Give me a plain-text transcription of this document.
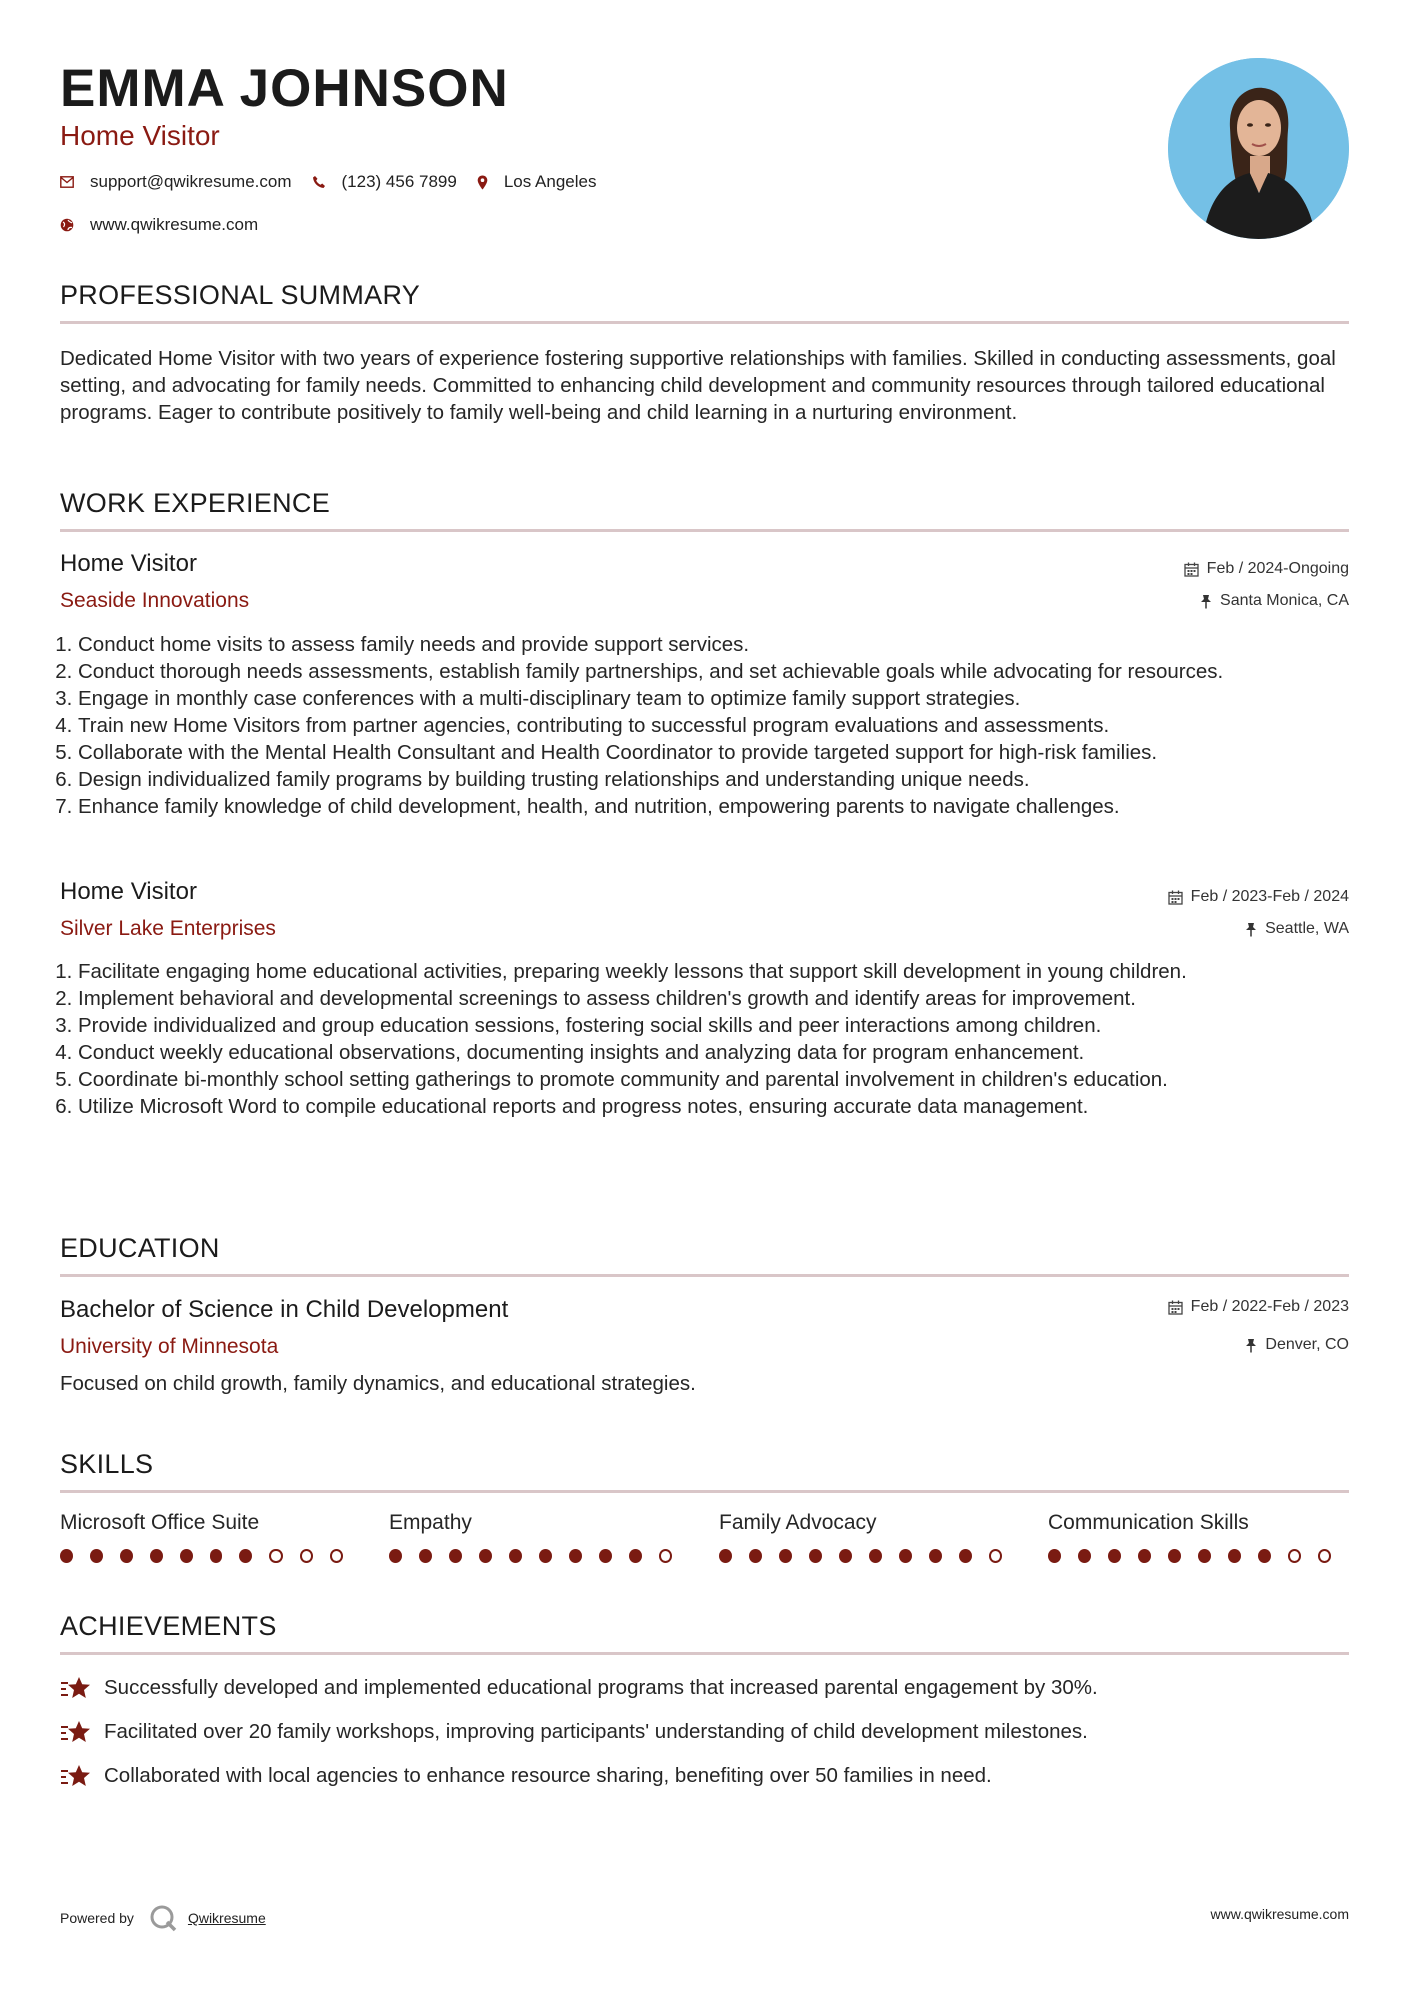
EMMA JOHNSON
Home Visitor
support@qwikresume.com	(123) 456 7899	Los Angeles
www.qwikresume.com
PROFESSIONAL SUMMARY
Dedicated Home Visitor with two years of experience fostering supportive relationships with families. Skilled in conducting assessments, goal setting, and advocating for family needs. Committed to enhancing child development and community resources through tailored educational programs. Eager to contribute positively to family well-being and child learning in a nurturing environment.
WORK EXPERIENCE
Home Visitor
Seaside Innovations
Feb / 2024-Ongoing
Santa Monica, CA
1. Conduct home visits to assess family needs and provide support services.
2. Conduct thorough needs assessments, establish family partnerships, and set achievable goals while advocating for resources.
3. Engage in monthly case conferences with a multi-disciplinary team to optimize family support strategies.
4. Train new Home Visitors from partner agencies, contributing to successful program evaluations and assessments.
5. Collaborate with the Mental Health Consultant and Health Coordinator to provide targeted support for high-risk families.
6. Design individualized family programs by building trusting relationships and understanding unique needs.
7. Enhance family knowledge of child development, health, and nutrition, empowering parents to navigate challenges.
Home Visitor
Silver Lake Enterprises
Feb / 2023-Feb / 2024
Seattle, WA
1. Facilitate engaging home educational activities, preparing weekly lessons that support skill development in young children.
2. Implement behavioral and developmental screenings to assess children's growth and identify areas for improvement.
3. Provide individualized and group education sessions, fostering social skills and peer interactions among children.
4. Conduct weekly educational observations, documenting insights and analyzing data for program enhancement.
5. Coordinate bi-monthly school setting gatherings to promote community and parental involvement in children's education.
6. Utilize Microsoft Word to compile educational reports and progress notes, ensuring accurate data management.
EDUCATION
Bachelor of Science in Child Development
University of Minnesota
Feb / 2022-Feb / 2023
Denver, CO
Focused on child growth, family dynamics, and educational strategies.
SKILLS
Microsoft Office Suite	Empathy	Family Advocacy	Communication Skills
ACHIEVEMENTS
Successfully developed and implemented educational programs that increased parental engagement by 30%.
Facilitated over 20 family workshops, improving participants' understanding of child development milestones.
Collaborated with local agencies to enhance resource sharing, benefiting over 50 families in need.
Powered by	Qwikresume	www.qwikresume.com
